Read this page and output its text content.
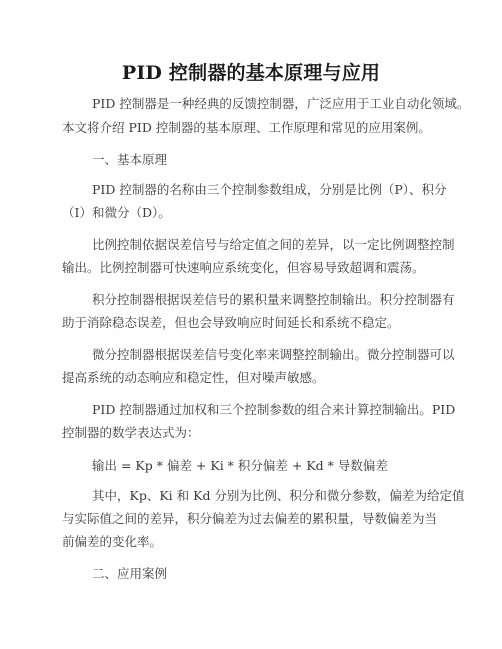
PID 控制器的基本原理与应用
PID 控制器是一种经典的反馈控制器，广泛应用于工业自动化领域。
本文将介绍 PID 控制器的基本原理、工作原理和常见的应用案例。
一、基本原理
PID 控制器的名称由三个控制参数组成，分别是比例（P）、积分
（I）和微分（D）。
比例控制依据误差信号与给定值之间的差异，以一定比例调整控制
输出。比例控制器可快速响应系统变化，但容易导致超调和震荡。
积分控制器根据误差信号的累积量来调整控制输出。积分控制器有
助于消除稳态误差，但也会导致响应时间延长和系统不稳定。
微分控制器根据误差信号变化率来调整控制输出。微分控制器可以
提高系统的动态响应和稳定性，但对噪声敏感。
PID 控制器通过加权和三个控制参数的组合来计算控制输出。PID
控制器的数学表达式为：
输出 = Kp * 偏差 + Ki * 积分偏差 + Kd * 导数偏差
其中，Kp、Ki 和 Kd 分别为比例、积分和微分参数，偏差为给定值
与实际值之间的差异，积分偏差为过去偏差的累积量，导数偏差为当
前偏差的变化率。
二、应用案例
